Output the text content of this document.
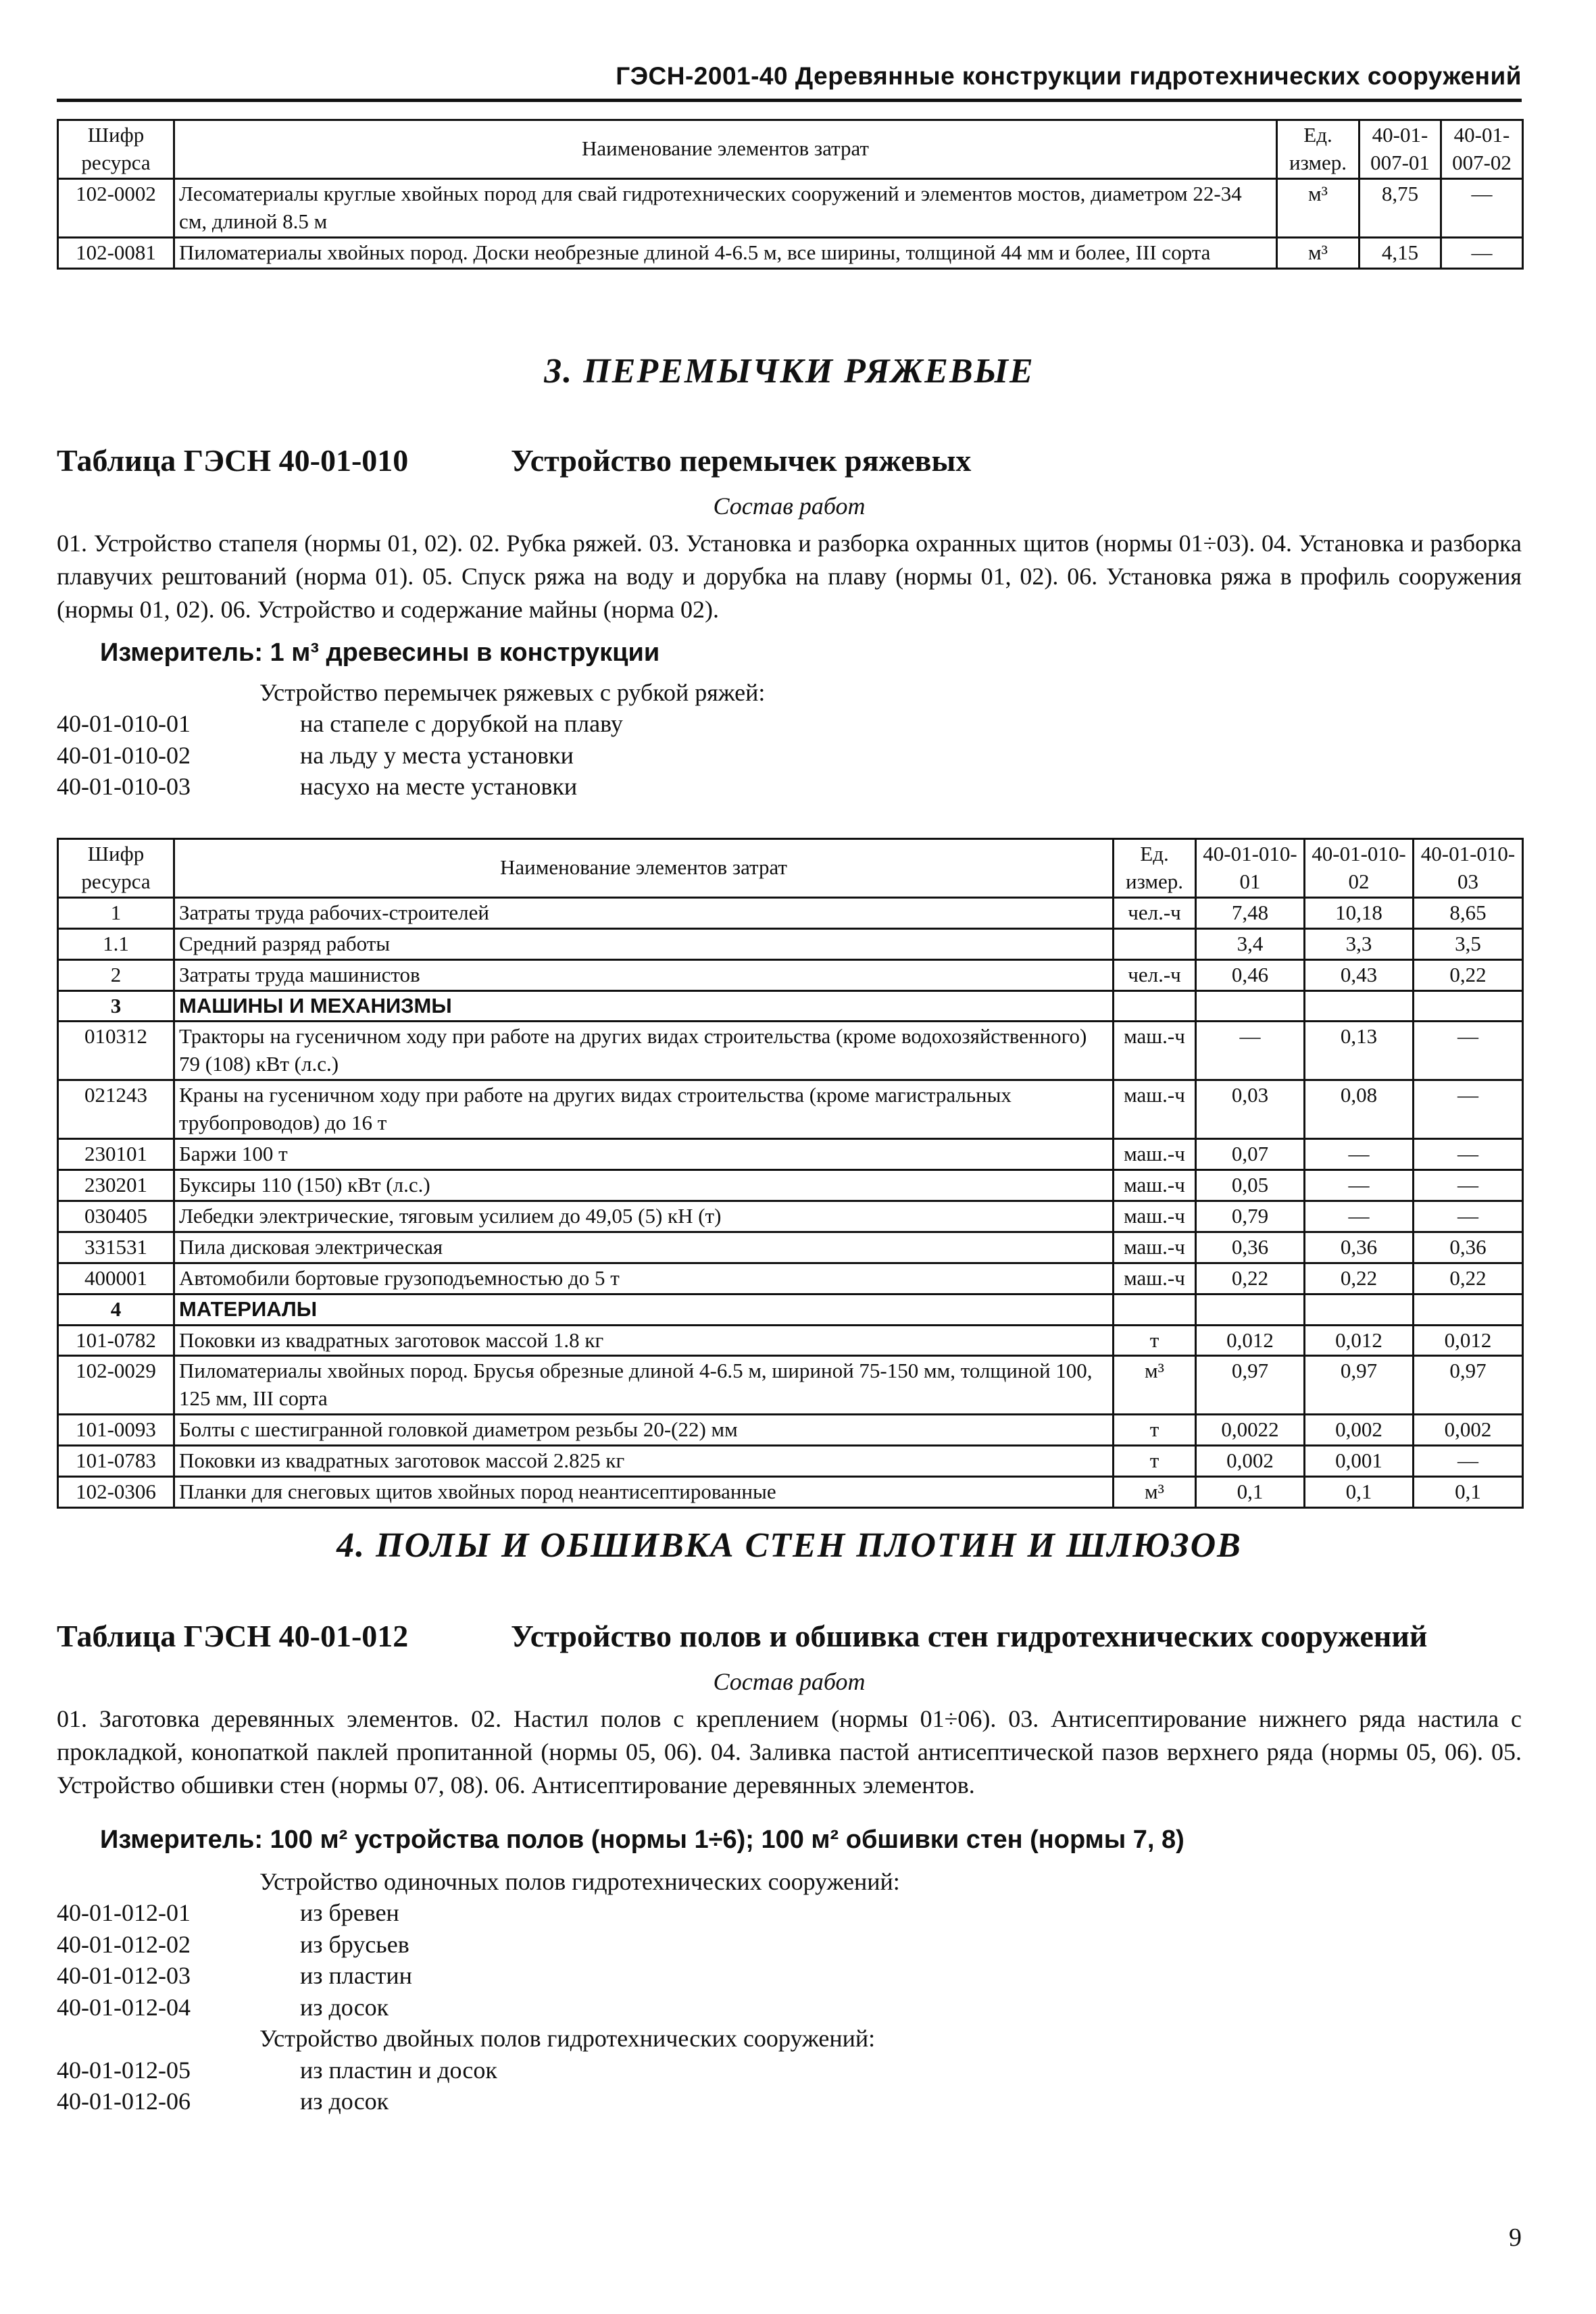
ГЭСН-2001-40 Деревянные конструкции гидротехнических сооружений
Шифр ресурса	Наименование элементов затрат	Ед. измер.	40-01-007-01	40-01-007-02
102-0002	Лесоматериалы круглые хвойных пород для свай гидротехнических сооружений и элементов мостов, диаметром 22-34 см, длиной 8.5 м	м³	8,75	—
102-0081	Пиломатериалы хвойных пород. Доски необрезные длиной 4-6.5 м, все ширины, толщиной 44 мм и более, III сорта	м³	4,15	—
3. ПЕРЕМЫЧКИ РЯЖЕВЫЕ
Таблица ГЭСН 40-01-010	Устройство перемычек ряжевых
Состав работ

01. Устройство стапеля (нормы 01, 02). 02. Рубка ряжей. 03. Установка и разборка охранных щитов (нормы 01÷03). 04. Установка и разборка плавучих рештований (норма 01). 05. Спуск ряжа на воду и дорубка на плаву (нормы 01, 02). 06. Установка ряжа в профиль сооружения (нормы 01, 02). 06. Устройство и содержание майны (норма 02).

Измеритель: 1 м³ древесины в конструкции
Устройство перемычек ряжевых с рубкой ряжей:
40-01-010-01	на стапеле с дорубкой на плаву
40-01-010-02	на льду у места установки
40-01-010-03	насухо на месте установки
Шифр ресурса	Наименование элементов затрат	Ед. измер.	40-01-010-01	40-01-010-02	40-01-010-03
1	Затраты труда рабочих-строителей	чел.-ч	7,48	10,18	8,65
1.1	Средний разряд работы		3,4	3,3	3,5
2	Затраты труда машинистов	чел.-ч	0,46	0,43	0,22
3	МАШИНЫ И МЕХАНИЗМЫ				
010312	Тракторы на гусеничном ходу при работе на других видах строительства (кроме водохозяйственного) 79 (108) кВт (л.с.)	маш.-ч	—	0,13	—
021243	Краны на гусеничном ходу при работе на других видах строительства (кроме магистральных трубопроводов) до 16 т	маш.-ч	0,03	0,08	—
230101	Баржи 100 т	маш.-ч	0,07	—	—
230201	Буксиры 110 (150) кВт (л.с.)	маш.-ч	0,05	—	—
030405	Лебедки электрические, тяговым усилием до 49,05 (5) кН (т)	маш.-ч	0,79	—	—
331531	Пила дисковая электрическая	маш.-ч	0,36	0,36	0,36
400001	Автомобили бортовые грузоподъемностью до 5 т	маш.-ч	0,22	0,22	0,22
4	МАТЕРИАЛЫ				
101-0782	Поковки из квадратных заготовок массой 1.8 кг	т	0,012	0,012	0,012
102-0029	Пиломатериалы хвойных пород. Брусья обрезные длиной 4-6.5 м, шириной 75-150 мм, толщиной 100, 125 мм, III сорта	м³	0,97	0,97	0,97
101-0093	Болты с шестигранной головкой диаметром резьбы 20-(22) мм	т	0,0022	0,002	0,002
101-0783	Поковки из квадратных заготовок массой 2.825 кг	т	0,002	0,001	—
102-0306	Планки для снеговых щитов хвойных пород неантисептированные	м³	0,1	0,1	0,1
4. ПОЛЫ И ОБШИВКА СТЕН ПЛОТИН И ШЛЮЗОВ
Таблица ГЭСН 40-01-012	Устройство полов и обшивка стен гидротехнических сооружений
Состав работ

01. Заготовка деревянных элементов. 02. Настил полов с креплением (нормы 01÷06). 03. Антисептирование нижнего ряда настила с прокладкой, конопаткой паклей пропитанной (нормы 05, 06). 04. Заливка пастой антисептической пазов верхнего ряда (нормы 05, 06). 05. Устройство обшивки стен (нормы 07, 08). 06. Антисептирование деревянных элементов.

Измеритель: 100 м² устройства полов (нормы 1÷6); 100 м² обшивки стен (нормы 7, 8)
Устройство одиночных полов гидротехнических сооружений:
40-01-012-01	из бревен
40-01-012-02	из брусьев
40-01-012-03	из пластин
40-01-012-04	из досок
Устройство двойных полов гидротехнических сооружений:
40-01-012-05	из пластин и досок
40-01-012-06	из досок
9
